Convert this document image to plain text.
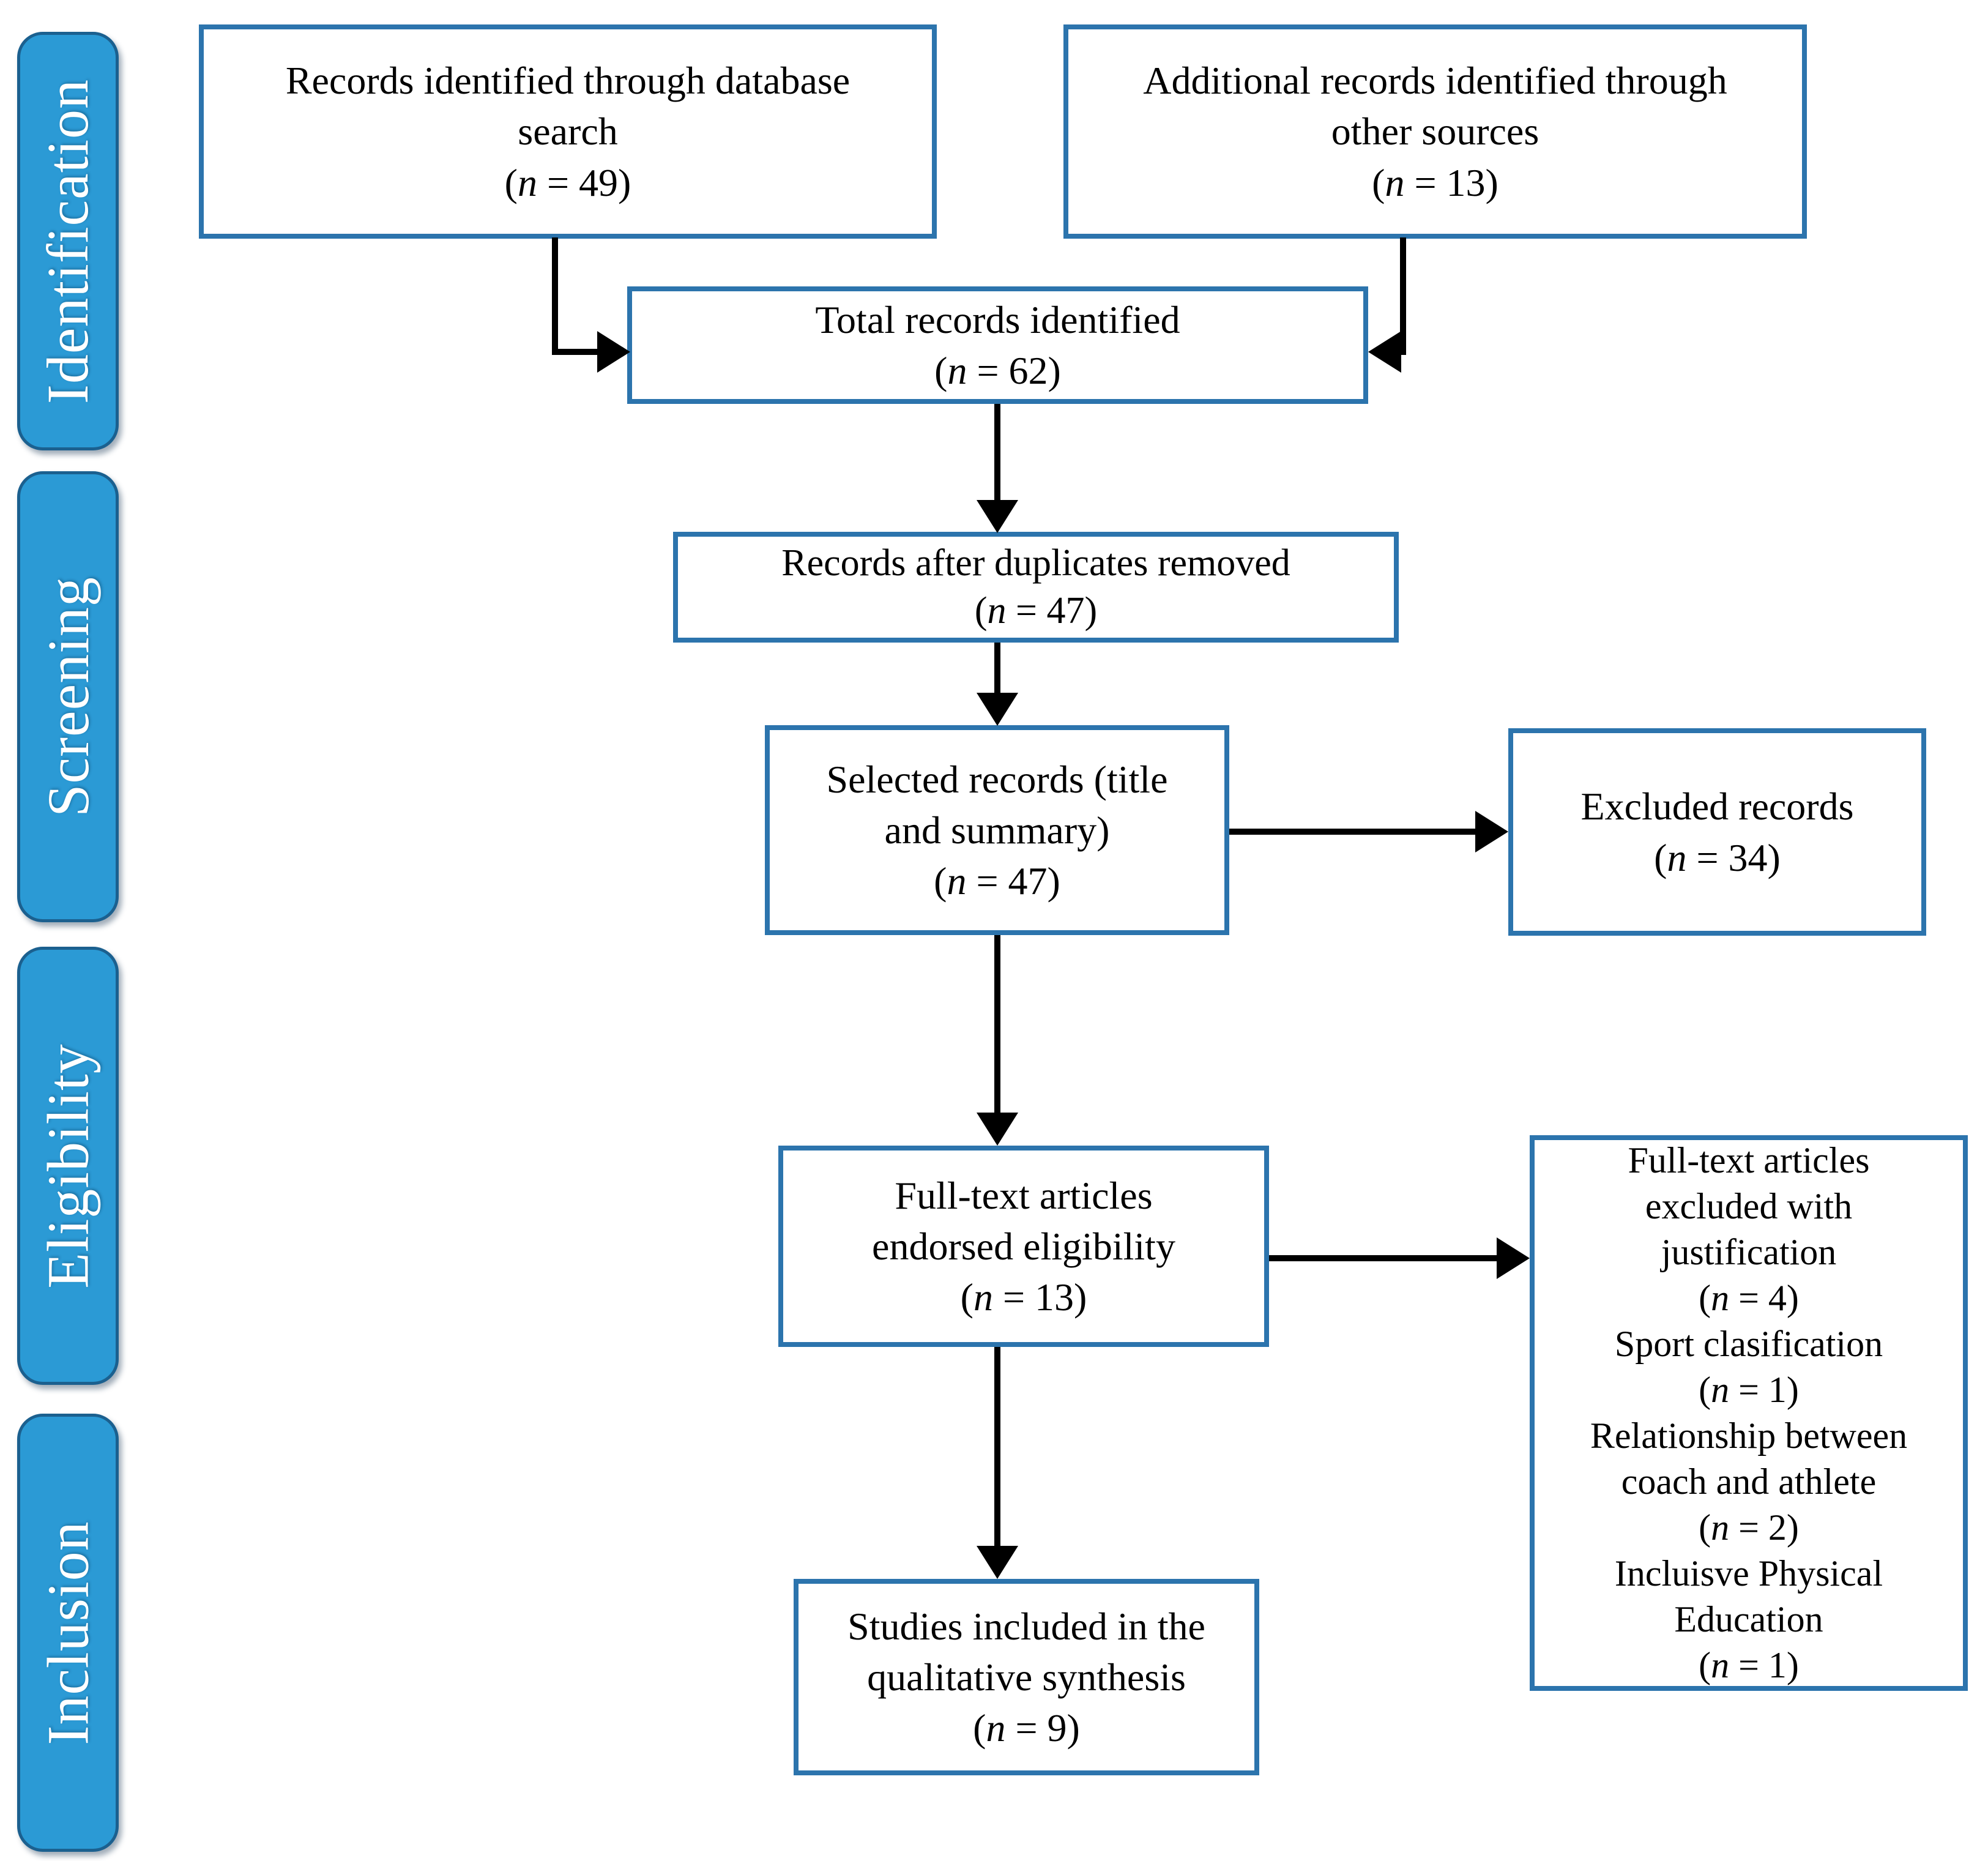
Identification
Screening
Eligibility
Inclusion
Records identified through database
search
(n = 49)
Additional records identified through
other sources
(n = 13)
Total records identified
(n = 62)
Records after duplicates removed
(n = 47)
Selected records (title
and summary)
(n = 47)
Excluded records
(n = 34)
Full-text articles
endorsed eligibility
(n = 13)
Studies included in the
qualitative synthesis
(n = 9)
Full-text articles
excluded with
justification
(n = 4)
Sport clasification
(n = 1)
Relationship between
coach and athlete
(n = 2)
Incluisve Physical
Education
(n = 1)
